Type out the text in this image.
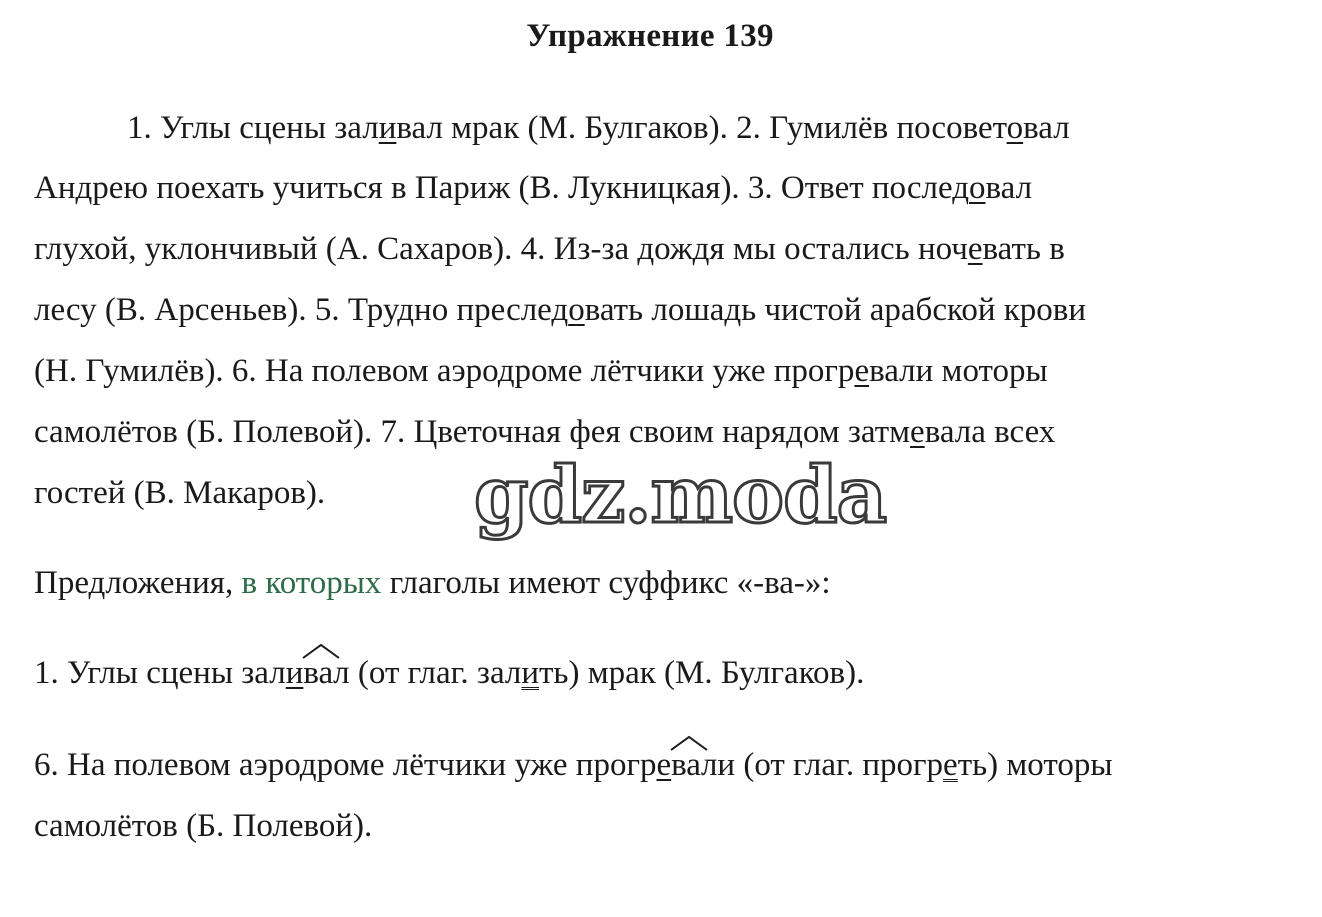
Упражнение 139
1. Углы сцены заливал мрак (М. Булгаков). 2. Гумилёв посоветовал
Андрею поехать учиться в Париж (В. Лукницкая). 3. Ответ последовал
глухой, уклончивый (А. Сахаров). 4. Из-за дождя мы остались ночевать в
лесу (В. Арсеньев). 5. Трудно преследовать лошадь чистой арабской крови
(Н. Гумилёв). 6. На полевом аэродроме лётчики уже прогревали моторы
самолётов (Б. Полевой). 7. Цветочная фея своим нарядом затмевала всех
гостей (В. Макаров). gdz.moda
Предложения, в которых глаголы имеют суффикс «-ва-»:
1. Углы сцены зали
вал (от глаг. залить) мрак (М. Булгаков).
6. На полевом аэродроме лётчики уже прогре
вали (от глаг. прогреть) моторы
самолётов (Б. Полевой).
